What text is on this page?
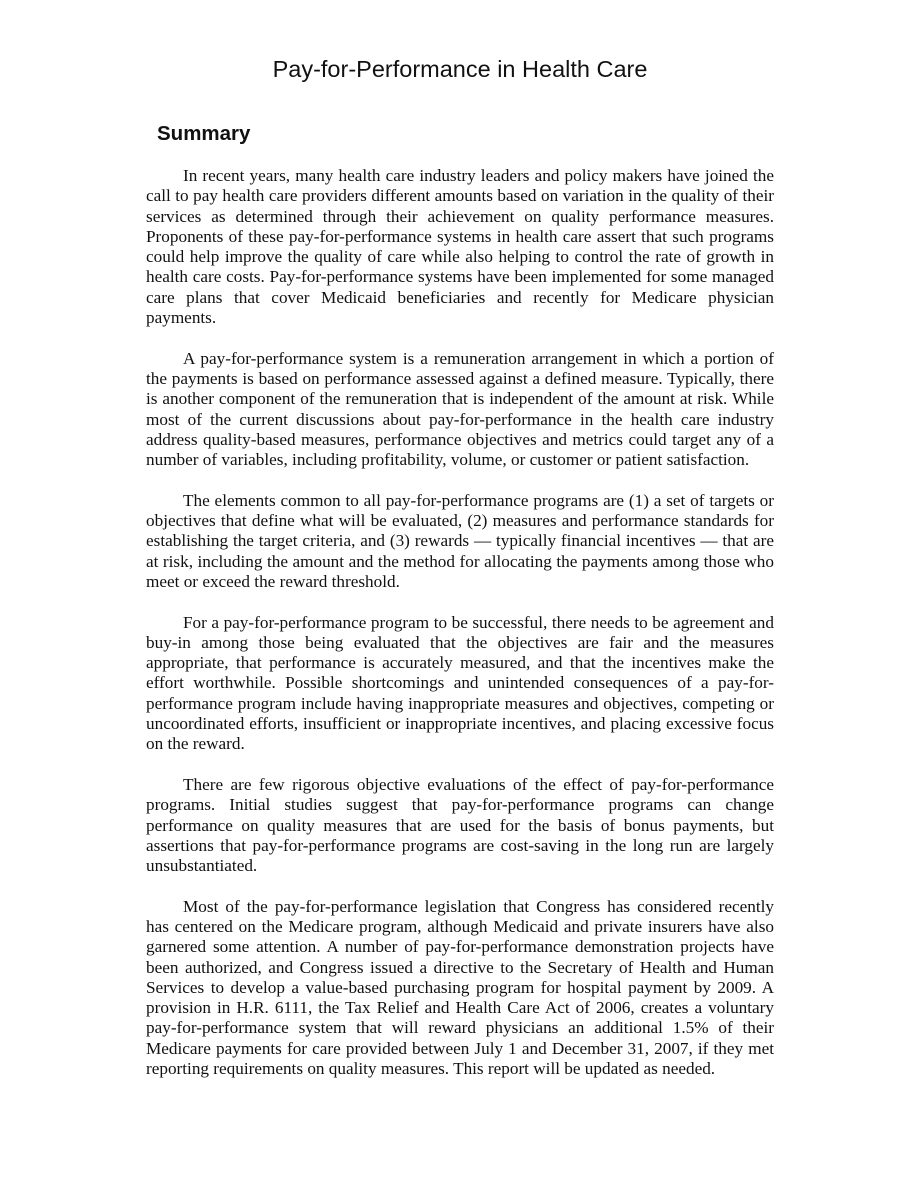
Pay-for-Performance in Health Care
Summary

In recent years, many health care industry leaders and policy makers have joined the call to pay health care providers different amounts based on variation in the quality of their services as determined through their achievement on quality performance measures. Proponents of these pay-for-performance systems in health care assert that such programs could help improve the quality of care while also helping to control the rate of growth in health care costs. Pay-for-performance systems have been implemented for some managed care plans that cover Medicaid beneficiaries and recently for Medicare physician payments.

A pay-for-performance system is a remuneration arrangement in which a portion of the payments is based on performance assessed against a defined measure. Typically, there is another component of the remuneration that is independent of the amount at risk. While most of the current discussions about pay-for-performance in the health care industry address quality-based measures, performance objectives and metrics could target any of a number of variables, including profitability, volume, or customer or patient satisfaction.

The elements common to all pay-for-performance programs are (1) a set of targets or objectives that define what will be evaluated, (2) measures and performance standards for establishing the target criteria, and (3) rewards — typically financial incentives — that are at risk, including the amount and the method for allocating the payments among those who meet or exceed the reward threshold.

For a pay-for-performance program to be successful, there needs to be agreement and buy-in among those being evaluated that the objectives are fair and the measures appropriate, that performance is accurately measured, and that the incentives make the effort worthwhile. Possible shortcomings and unintended consequences of a pay-for-performance program include having inappropriate measures and objectives, competing or uncoordinated efforts, insufficient or inappropriate incentives, and placing excessive focus on the reward.

There are few rigorous objective evaluations of the effect of pay-for-performance programs. Initial studies suggest that pay-for-performance programs can change performance on quality measures that are used for the basis of bonus payments, but assertions that pay-for-performance programs are cost-saving in the long run are largely unsubstantiated.

Most of the pay-for-performance legislation that Congress has considered recently has centered on the Medicare program, although Medicaid and private insurers have also garnered some attention. A number of pay-for-performance demonstration projects have been authorized, and Congress issued a directive to the Secretary of Health and Human Services to develop a value-based purchasing program for hospital payment by 2009. A provision in H.R. 6111, the Tax Relief and Health Care Act of 2006, creates a voluntary pay-for-performance system that will reward physicians an additional 1.5% of their Medicare payments for care provided between July 1 and December 31, 2007, if they met reporting requirements on quality measures. This report will be updated as needed.
